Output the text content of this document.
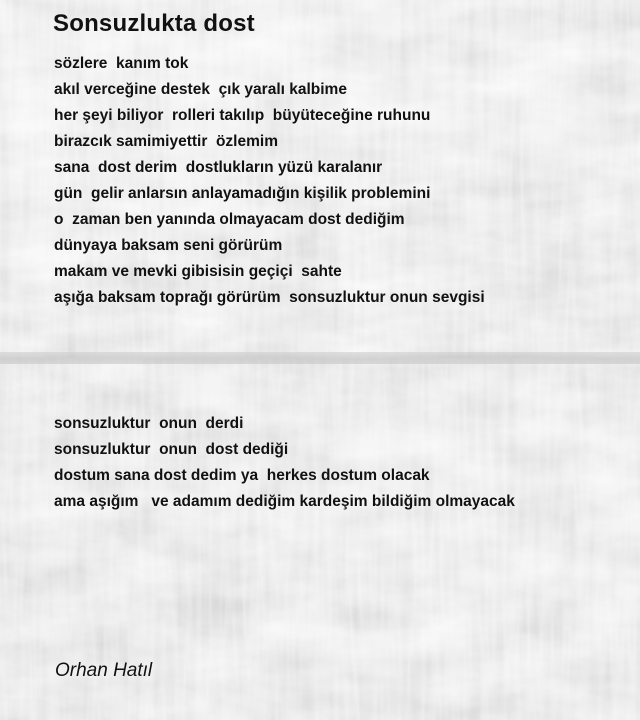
Sonsuzlukta dost
sözlere  kanım tok
akıl verceğine destek  çık yaralı kalbime
her şeyi biliyor  rolleri takılıp  büyüteceğine ruhunu
birazcık samimiyettir  özlemim
sana  dost derim  dostlukların yüzü karalanır
gün  gelir anlarsın anlayamadığın kişilik problemini
o  zaman ben yanında olmayacam dost dediğim
dünyaya baksam seni görürüm
makam ve mevki gibisisin geçiçi  sahte
aşığa baksam toprağı görürüm  sonsuzluktur onun sevgisi
sonsuzluktur  onun  derdi
sonsuzluktur  onun  dost dediği
dostum sana dost dedim ya  herkes dostum olacak
ama aşığım   ve adamım dediğim kardeşim bildiğim olmayacak
Orhan Hatıl
